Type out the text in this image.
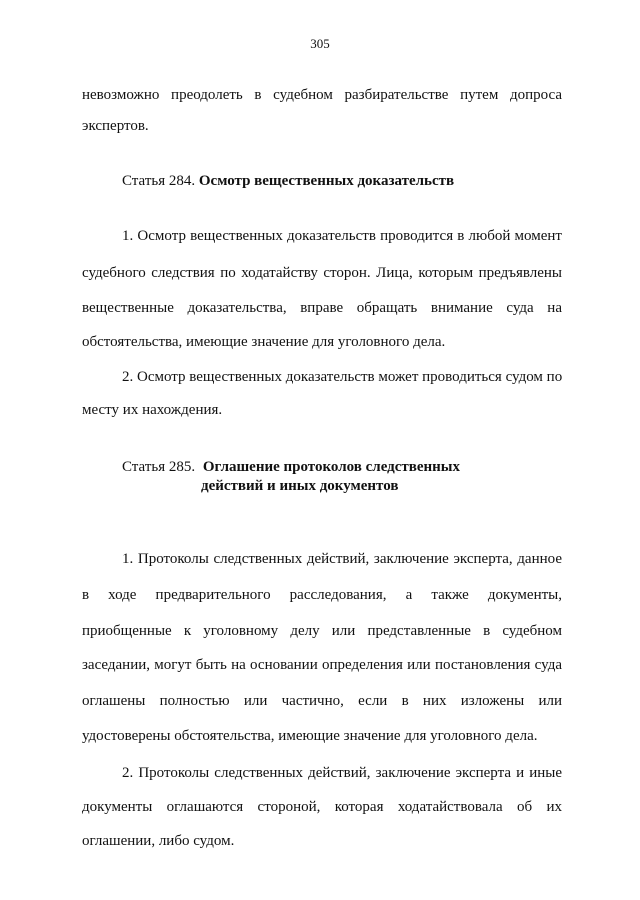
305
невозможно преодолеть в судебном разбирательстве путем допроса
экспертов.
Статья 284. Осмотр вещественных доказательств
1. Осмотр вещественных доказательств проводится в любой момент
судебного следствия по ходатайству сторон. Лица, которым предъявлены
вещественные доказательства, вправе обращать внимание суда на
обстоятельства, имеющие значение для уголовного дела.
2. Осмотр вещественных доказательств может проводиться судом по
месту их нахождения.
Статья 285. Оглашение протоколов следственных
действий и иных документов
1. Протоколы следственных действий, заключение эксперта, данное
в ходе предварительного расследования, а также документы,
приобщенные к уголовному делу или представленные в судебном
заседании, могут быть на основании определения или постановления суда
оглашены полностью или частично, если в них изложены или
удостоверены обстоятельства, имеющие значение для уголовного дела.
2. Протоколы следственных действий, заключение эксперта и иные
документы оглашаются стороной, которая ходатайствовала об их
оглашении, либо судом.
